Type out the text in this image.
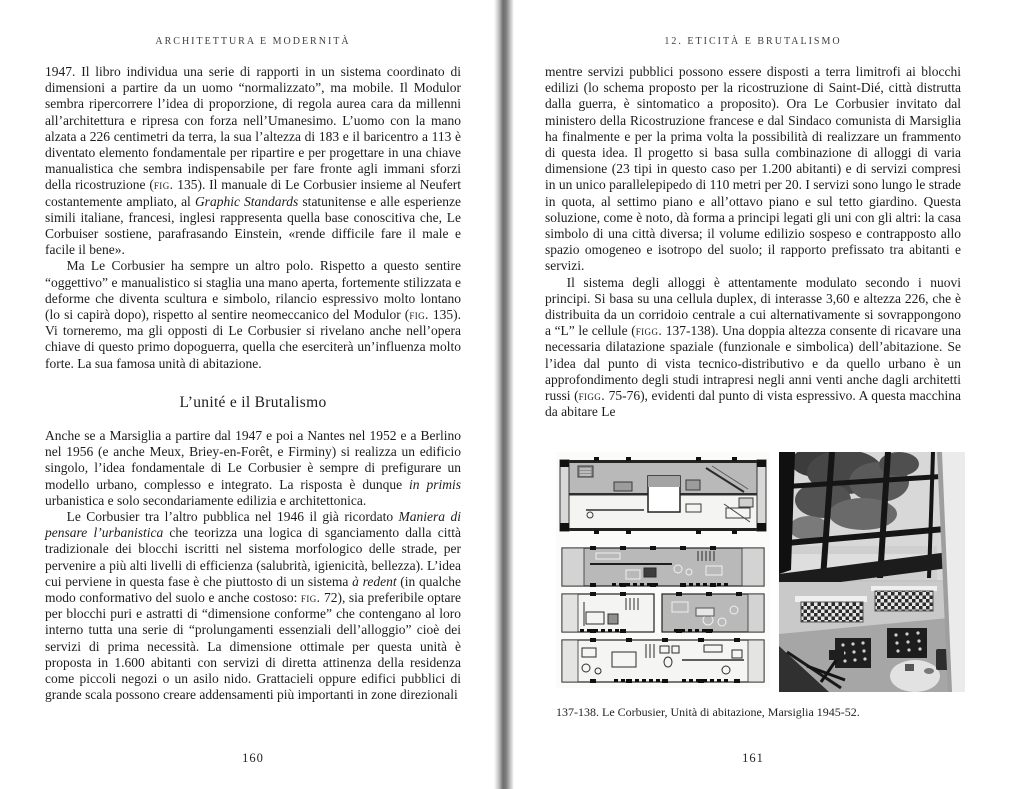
ARCHITETTURA E MODERNITÀ

1947. Il libro individua una serie di rapporti in un sistema coordinato di dimensioni a partire da un uomo “normalizzato”, ma mobile. Il Modulor sembra ripercorrere l’idea di proporzione, di regola aurea cara da millenni all’architettura e ripresa con forza nell’Umanesimo. L’uomo con la mano alzata a 226 centimetri da terra, la sua l’altezza di 183 e il baricentro a 113 è diventato elemento fondamentale per ripartire e per progettare in una chiave manualistica che sembra indispensabile per fare fronte agli immani sforzi della ricostruzione (fig. 135). Il manuale di Le Corbusier insieme al Neufert costantemente ampliato, al Graphic Standards statunitense e alle esperienze simili italiane, francesi, inglesi rappresenta quella base conoscitiva che, Le Corbuiser sostiene, parafrasando Einstein, «rende difficile fare il male e facile il bene».

Ma Le Corbusier ha sempre un altro polo. Rispetto a questo sentire “oggettivo” e manualistico si staglia una mano aperta, fortemente stilizzata e deforme che diventa scultura e simbolo, rilancio espressivo molto lontano (lo si capirà dopo), rispetto al sentire neomeccanico del Modulor (fig. 135). Vi torneremo, ma gli opposti di Le Corbusier si rivelano anche nell’opera chiave di questo primo dopoguerra, quella che eserciterà un’influenza molto forte. La sua famosa unità di abitazione.

L’unité e il Brutalismo

Anche se a Marsiglia a partire dal 1947 e poi a Nantes nel 1952 e a Berlino nel 1956 (e anche Meux, Briey-en-Forêt, e Firminy) si realizza un edificio singolo, l’idea fondamentale di Le Corbusier è sempre di prefigurare un modello urbano, complesso e integrato. La risposta è dunque in primis urbanistica e solo secondariamente edilizia e architettonica.

Le Corbusier tra l’altro pubblica nel 1946 il già ricordato Maniera di pensare l’urbanistica che teorizza una logica di sganciamento dalla città tradizionale dei blocchi iscritti nel sistema morfologico delle strade, per pervenire a più alti livelli di efficienza (salubrità, igienicità, bellezza). L’idea cui perviene in questa fase è che piuttosto di un sistema à redent (in qualche modo conformativo del suolo e anche costoso: fig. 72), sia preferibile optare per blocchi puri e astratti di “dimensione conforme” che contengano al loro interno tutta una serie di “prolungamenti essenziali dell’alloggio” cioè dei servizi di prima necessità. La dimensione ottimale per questa unità è proposta in 1.600 abitanti con servizi di diretta attinenza della residenza come piccoli negozi o un asilo nido. Grattacieli oppure edifici pubblici di grande scala possono creare addensamenti più importanti in zone direzionali

160
12. ETICITÀ E BRUTALISMO

mentre servizi pubblici possono essere disposti a terra limitrofi ai blocchi edilizi (lo schema proposto per la ricostruzione di Saint-Dié, città distrutta dalla guerra, è sintomatico a proposito). Ora Le Corbusier invitato dal ministero della Ricostruzione francese e dal Sindaco comunista di Marsiglia ha finalmente e per la prima volta la possibilità di realizzare un frammento di questa idea. Il progetto si basa sulla combinazione di alloggi di varia dimensione (23 tipi in questo caso per 1.200 abitanti) e di servizi compresi in un unico parallelepipedo di 110 metri per 20. I servizi sono lungo le strade in quota, al settimo piano e all’ottavo piano e sul tetto giardino. Questa soluzione, come è noto, dà forma a principi legati gli uni con gli altri: la casa simbolo di una città diversa; il volume edilizio sospeso e contrapposto allo spazio omogeneo e isotropo del suolo; il rapporto prefissato tra abitanti e servizi.

Il sistema degli alloggi è attentamente modulato secondo i nuovi principi. Si basa su una cellula duplex, di interasse 3,60 e altezza 226, che è distribuita da un corridoio centrale a cui alternativamente si sovrappongono a “L” le cellule (figg. 137-138). Una doppia altezza consente di ricavare una necessaria dilatazione spaziale (funzionale e simbolica) dell’abitazione. Se l’idea dal punto di vista tecnico-distributivo e da quello urbano è un approfondimento degli studi intrapresi negli anni venti anche dagli architetti russi (figg. 75-76), evidenti dal punto di vista espressivo. A questa macchina da abitare Le

137-138. Le Corbusier, Unità di abitazione, Marsiglia 1945-52.
161
